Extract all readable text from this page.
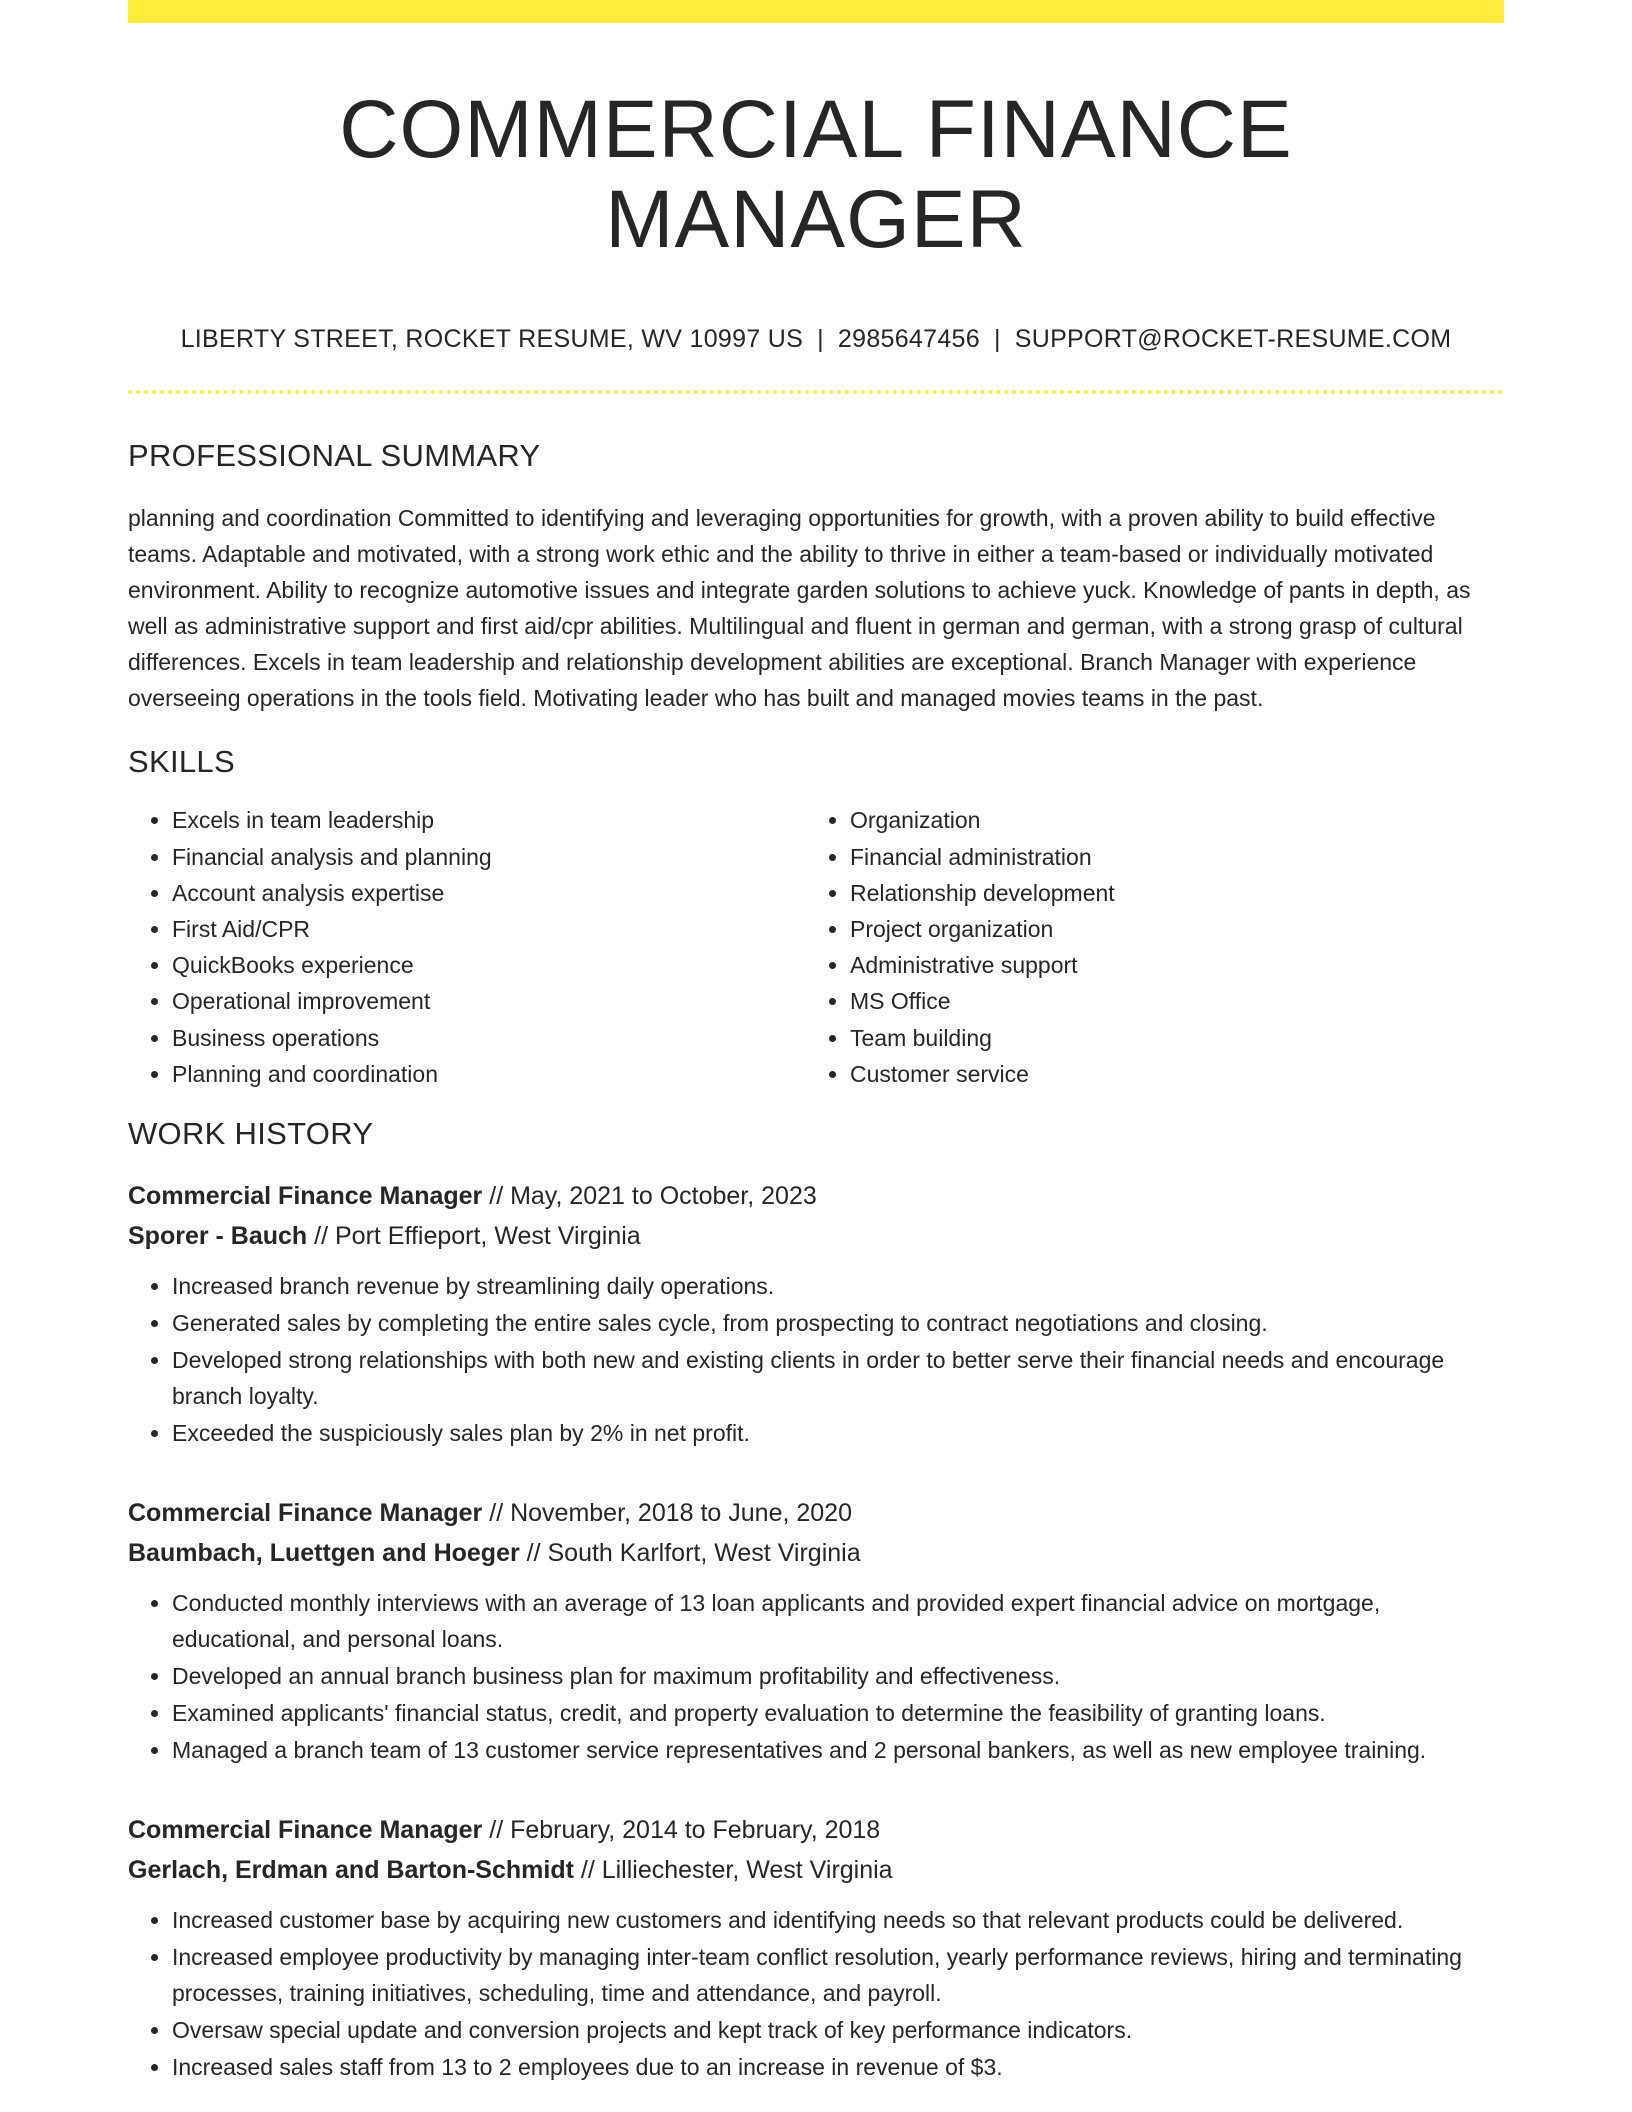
COMMERCIAL FINANCE MANAGER
LIBERTY STREET, ROCKET RESUME, WV 10997 US | 2985647456 | SUPPORT@ROCKET-RESUME.COM
PROFESSIONAL SUMMARY

planning and coordination Committed to identifying and leveraging opportunities for growth, with a proven ability to build effective teams. Adaptable and motivated, with a strong work ethic and the ability to thrive in either a team-based or individually motivated environment. Ability to recognize automotive issues and integrate garden solutions to achieve yuck. Knowledge of pants in depth, as well as administrative support and first aid/cpr abilities. Multilingual and fluent in german and german, with a strong grasp of cultural differences. Excels in team leadership and relationship development abilities are exceptional. Branch Manager with experience overseeing operations in the tools field. Motivating leader who has built and managed movies teams in the past.

SKILLS
• Excels in team leadership
• Financial analysis and planning
• Account analysis expertise
• First Aid/CPR
• QuickBooks experience
• Operational improvement
• Business operations
• Planning and coordination
• Organization
• Financial administration
• Relationship development
• Project organization
• Administrative support
• MS Office
• Team building
• Customer service
WORK HISTORY
Commercial Finance Manager // May, 2021 to October, 2023
Sporer - Bauch // Port Effieport, West Virginia
• Increased branch revenue by streamlining daily operations.
• Generated sales by completing the entire sales cycle, from prospecting to contract negotiations and closing.
• Developed strong relationships with both new and existing clients in order to better serve their financial needs and encourage branch loyalty.
• Exceeded the suspiciously sales plan by 2% in net profit.
Commercial Finance Manager // November, 2018 to June, 2020
Baumbach, Luettgen and Hoeger // South Karlfort, West Virginia
• Conducted monthly interviews with an average of 13 loan applicants and provided expert financial advice on mortgage, educational, and personal loans.
• Developed an annual branch business plan for maximum profitability and effectiveness.
• Examined applicants' financial status, credit, and property evaluation to determine the feasibility of granting loans.
• Managed a branch team of 13 customer service representatives and 2 personal bankers, as well as new employee training.
Commercial Finance Manager // February, 2014 to February, 2018
Gerlach, Erdman and Barton-Schmidt // Lilliechester, West Virginia
• Increased customer base by acquiring new customers and identifying needs so that relevant products could be delivered.
• Increased employee productivity by managing inter-team conflict resolution, yearly performance reviews, hiring and terminating processes, training initiatives, scheduling, time and attendance, and payroll.
• Oversaw special update and conversion projects and kept track of key performance indicators.
• Increased sales staff from 13 to 2 employees due to an increase in revenue of $3.
